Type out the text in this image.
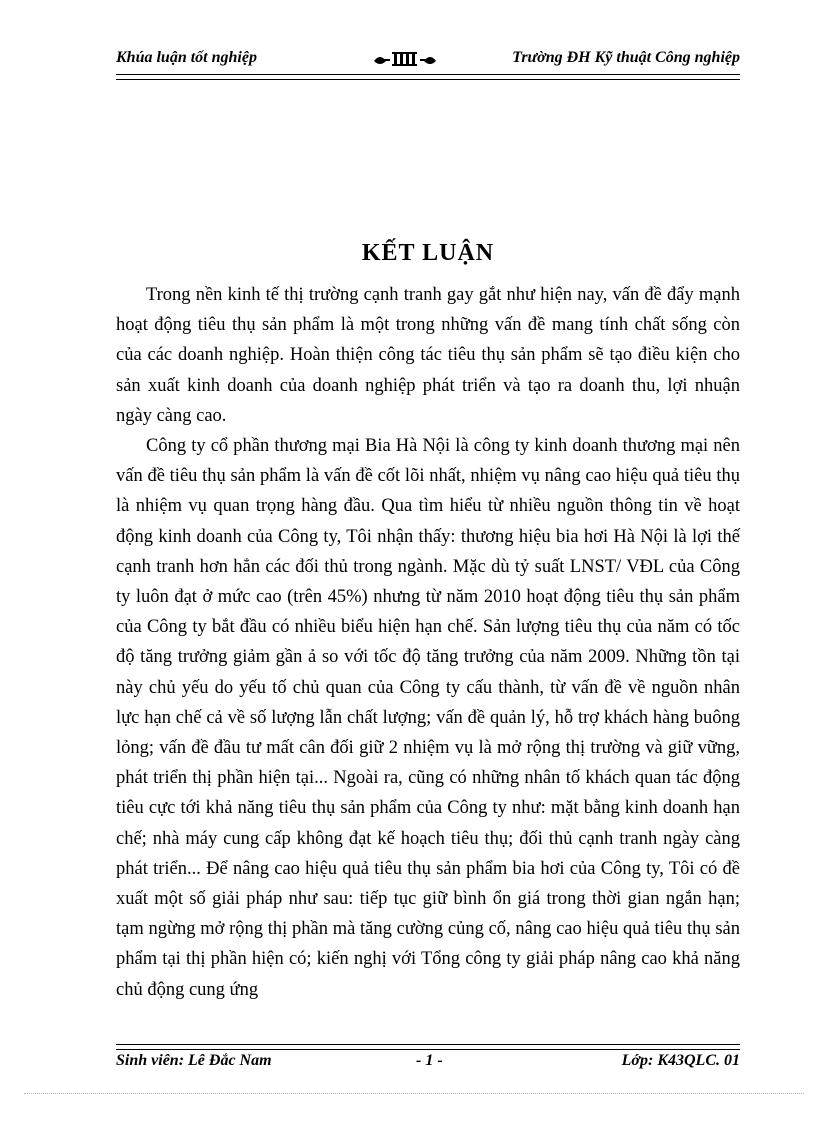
Khúa luận tốt nghiệp	Trường ĐH Kỹ thuật Công nghiệp
KẾT LUẬN

Trong nền kinh tế thị trường cạnh tranh gay gắt như hiện nay, vấn đề đẩy mạnh hoạt động tiêu thụ sản phẩm là một trong những vấn đề mang tính chất sống còn của các doanh nghiệp. Hoàn thiện công tác tiêu thụ sản phẩm sẽ tạo điều kiện cho sản xuất kinh doanh của doanh nghiệp phát triển và tạo ra doanh thu, lợi nhuận ngày càng cao.

Công ty cổ phần thương mại Bia Hà Nội là công ty kinh doanh thương mại nên vấn đề tiêu thụ sản phẩm là vấn đề cốt lõi nhất, nhiệm vụ nâng cao hiệu quả tiêu thụ là nhiệm vụ quan trọng hàng đầu. Qua tìm hiểu từ nhiều nguồn thông tin về hoạt động kinh doanh của Công ty, Tôi nhận thấy: thương hiệu bia hơi Hà Nội là lợi thế cạnh tranh hơn hẳn các đối thủ trong ngành. Mặc dù tỷ suất LNST/ VĐL của Công ty luôn đạt ở mức cao (trên 45%) nhưng từ năm 2010 hoạt động tiêu thụ sản phẩm của Công ty bắt đầu có nhiều biểu hiện hạn chế. Sản lượng tiêu thụ của năm có tốc độ tăng trưởng giảm gần ả so với tốc độ tăng trưởng của năm 2009. Những tồn tại này chủ yếu do yếu tố chủ quan của Công ty cấu thành, từ vấn đề về nguồn nhân lực hạn chế cả về số lượng lẫn chất lượng; vấn đề quản lý, hỗ trợ khách hàng buông lỏng; vấn đề đầu tư mất cân đối giữ 2 nhiệm vụ là mở rộng thị trường và giữ vững, phát triển thị phần hiện tại... Ngoài ra, cũng có những nhân tố khách quan tác động tiêu cực tới khả năng tiêu thụ sản phẩm của Công ty như: mặt bằng kinh doanh hạn chế; nhà máy cung cấp không đạt kế hoạch tiêu thụ; đối thủ cạnh tranh ngày càng phát triển... Để nâng cao hiệu quả tiêu thụ sản phẩm bia hơi của Công ty, Tôi có đề xuất một số giải pháp như sau: tiếp tục giữ bình ổn giá trong thời gian ngắn hạn; tạm ngừng mở rộng thị phần mà tăng cường củng cố, nâng cao hiệu quả tiêu thụ sản phẩm tại thị phần hiện có; kiến nghị với Tổng công ty giải pháp nâng cao khả năng chủ động cung ứng

Sinh viên: Lê Đắc Nam	- 1 -	Lớp: K43QLC. 01
